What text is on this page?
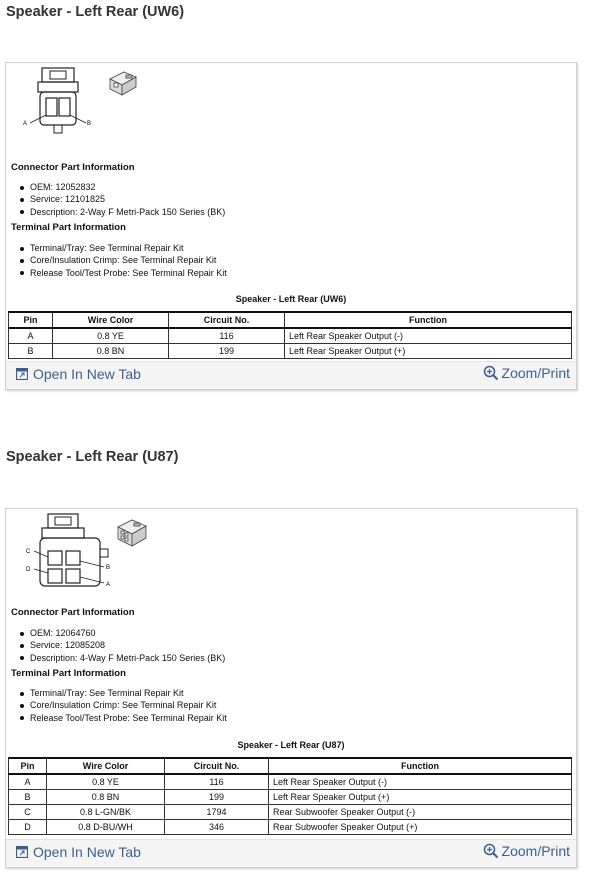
Speaker - Left Rear (UW6)
A	B
Connector Part Information
OEM: 12052832
Service: 12101825
Description: 2-Way F Metri-Pack 150 Series (BK)
Terminal Part Information
Terminal/Tray: See Terminal Repair Kit
Core/Insulation Crimp: See Terminal Repair Kit
Release Tool/Test Probe: See Terminal Repair Kit
Speaker - Left Rear (UW6)
Pin	Wire Color	Circuit No.	Function
A	0.8 YE	116	Left Rear Speaker Output (-)
B	0.8 BN	199	Left Rear Speaker Output (+)
Open In New Tab	Zoom/Print
Speaker - Left Rear (U87)
C
D	B
A
Connector Part Information
OEM: 12064760
Service: 12085208
Description: 4-Way F Metri-Pack 150 Series (BK)
Terminal Part Information
Terminal/Tray: See Terminal Repair Kit
Core/Insulation Crimp: See Terminal Repair Kit
Release Tool/Test Probe: See Terminal Repair Kit
Speaker - Left Rear (U87)
Pin	Wire Color	Circuit No.	Function
A	0.8 YE	116	Left Rear Speaker Output (-)
B	0.8 BN	199	Left Rear Speaker Output (+)
C	0.8 L-GN/BK	1794	Rear Subwoofer Speaker Output (-)
D	0.8 D-BU/WH	346	Rear Subwoofer Speaker Output (+)
Open In New Tab	Zoom/Print
